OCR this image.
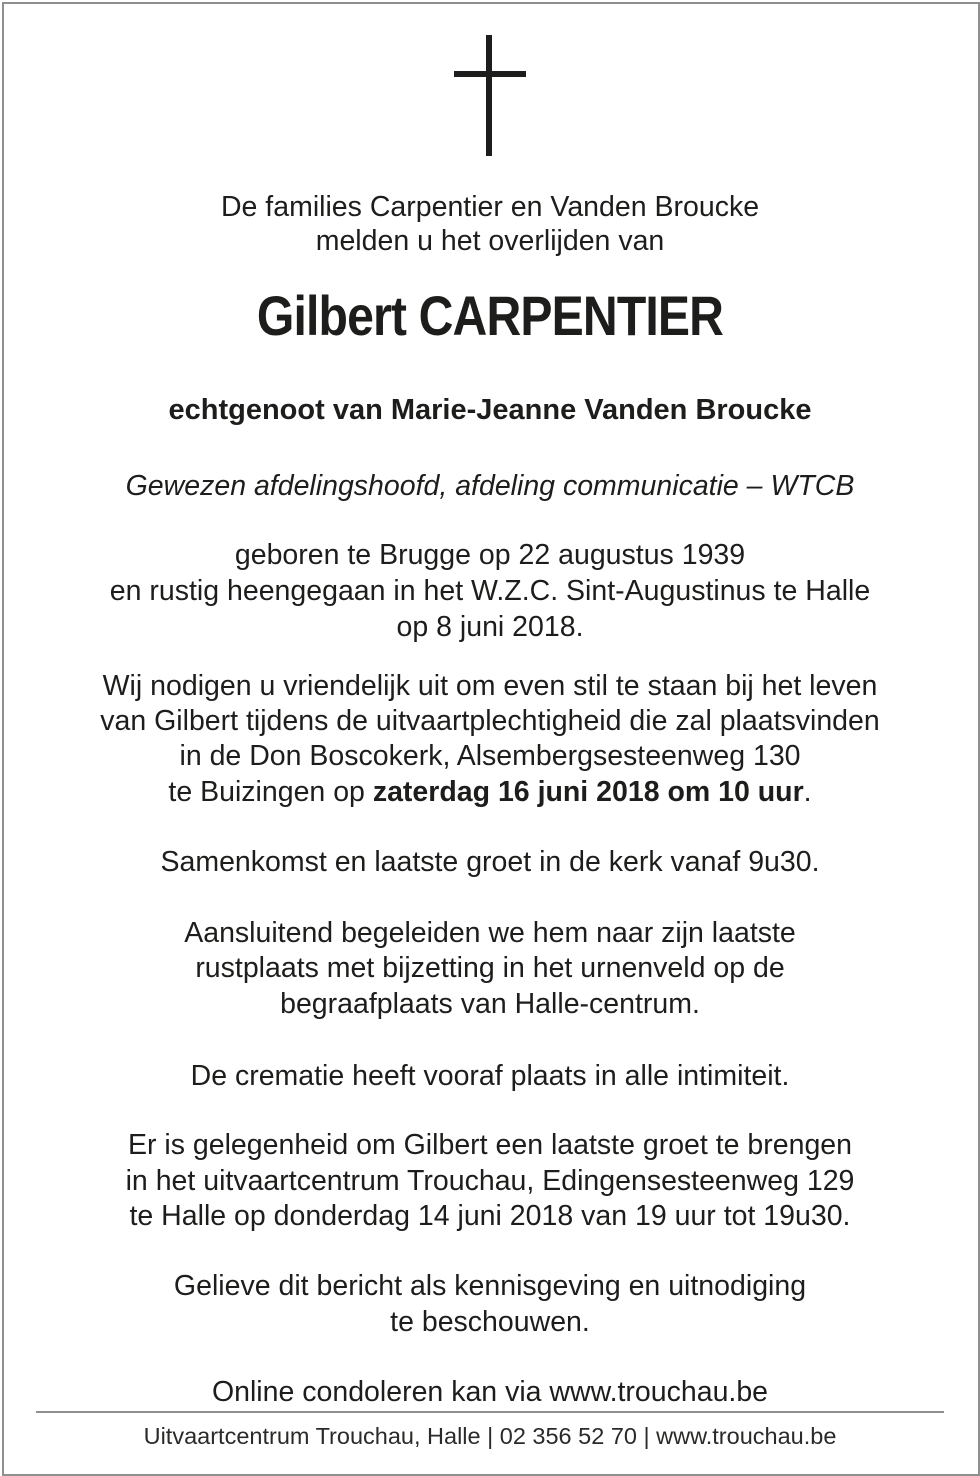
De families Carpentier en Vanden Broucke
melden u het overlijden van
Gilbert CARPENTIER
echtgenoot van Marie-Jeanne Vanden Broucke
Gewezen afdelingshoofd, afdeling communicatie – WTCB
geboren te Brugge op 22 augustus 1939
en rustig heengegaan in het W.Z.C. Sint-Augustinus te Halle
op 8 juni 2018.
Wij nodigen u vriendelijk uit om even stil te staan bij het leven
van Gilbert tijdens de uitvaartplechtigheid die zal plaatsvinden
in de Don Boscokerk, Alsembergsesteenweg 130
te Buizingen op zaterdag 16 juni 2018 om 10 uur.
Samenkomst en laatste groet in de kerk vanaf 9u30.
Aansluitend begeleiden we hem naar zijn laatste
rustplaats met bijzetting in het urnenveld op de
begraafplaats van Halle-centrum.
De crematie heeft vooraf plaats in alle intimiteit.
Er is gelegenheid om Gilbert een laatste groet te brengen
in het uitvaartcentrum Trouchau, Edingensesteenweg 129
te Halle op donderdag 14 juni 2018 van 19 uur tot 19u30.
Gelieve dit bericht als kennisgeving en uitnodiging
te beschouwen.
Online condoleren kan via www.trouchau.be
Uitvaartcentrum Trouchau, Halle | 02 356 52 70 | www.trouchau.be
